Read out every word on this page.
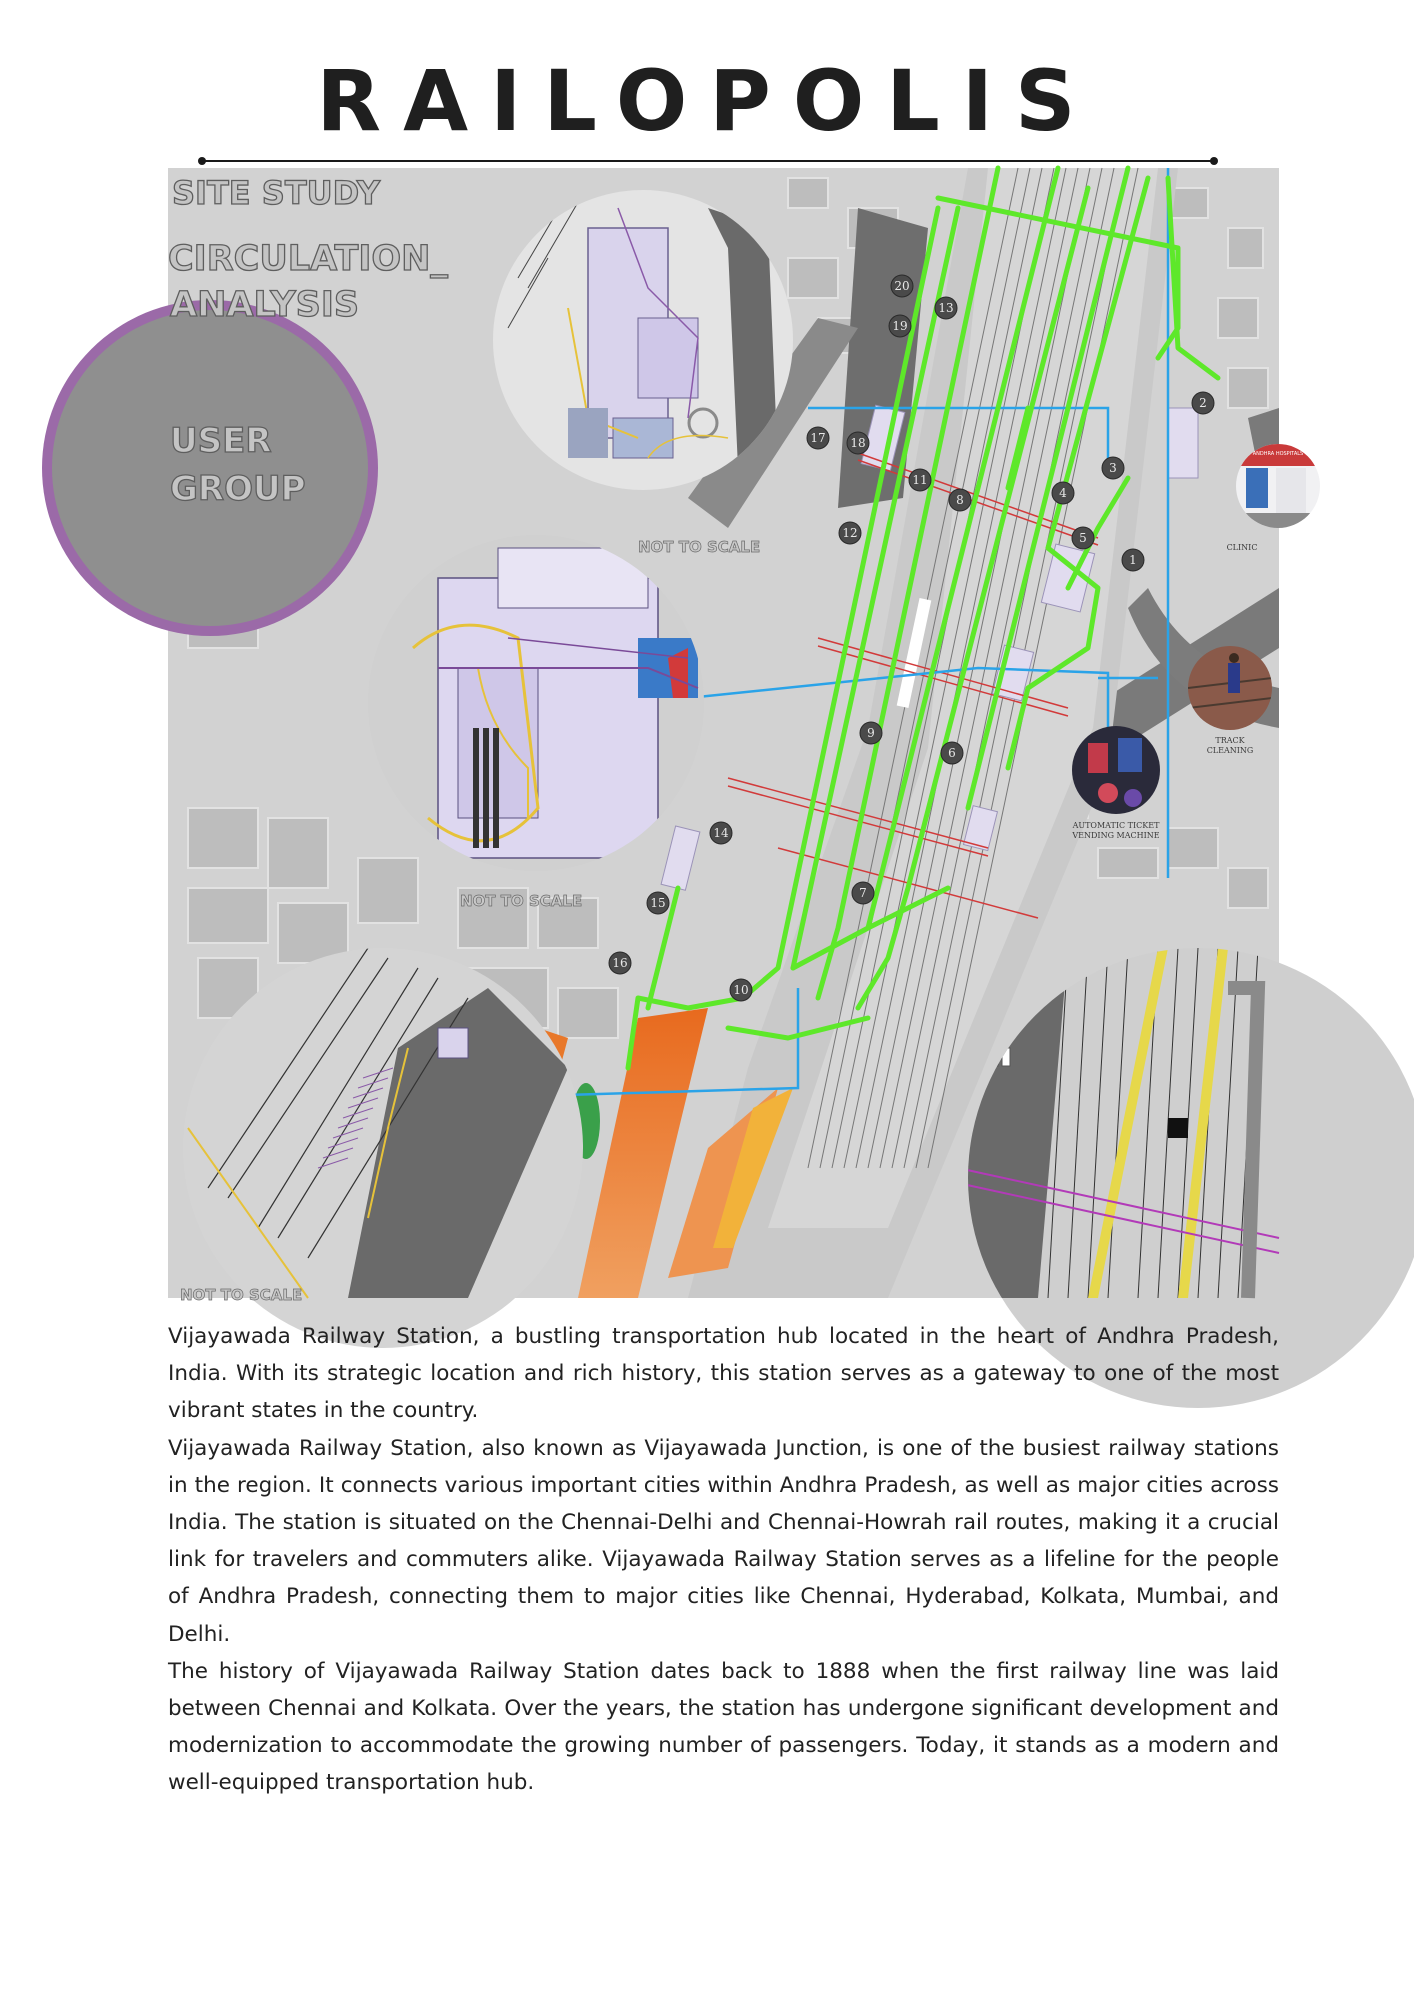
RAILOPOLIS
1
2
3
4
5
6
7
8
9
10
11
12
13
14
15
16
17 18
19
20
ANDHRA HOSPITALS
CLINIC
TRACK
CLEANING
AUTOMATIC TICKET
VENDING MACHINE
SITE STUDY
CIRCULATION_
ANALYSIS
USER
GROUP
NOT TO SCALE
NOT TO SCALE
NOT TO SCALE

Vijayawada Railway Station, a bustling transportation hub located in the heart of Andhra Pradesh, India. With its strategic location and rich history, this station serves as a gateway to one of the most vibrant states in the country.

Vijayawada Railway Station, also known as Vijayawada Junction, is one of the busiest railway stations in the region. It connects various important cities within Andhra Pradesh, as well as major cities across India. The station is situated on the Chennai-Delhi and Chennai-Howrah rail routes, making it a crucial link for travelers and commuters alike. Vijayawada Railway Station serves as a lifeline for the people of Andhra Pradesh, connecting them to major cities like Chennai, Hyderabad, Kolkata, Mumbai, and Delhi.

The history of Vijayawada Railway Station dates back to 1888 when the first railway line was laid between Chennai and Kolkata. Over the years, the station has undergone significant development and modernization to accommodate the growing number of passengers. Today, it stands as a modern and well-equipped transportation hub.
